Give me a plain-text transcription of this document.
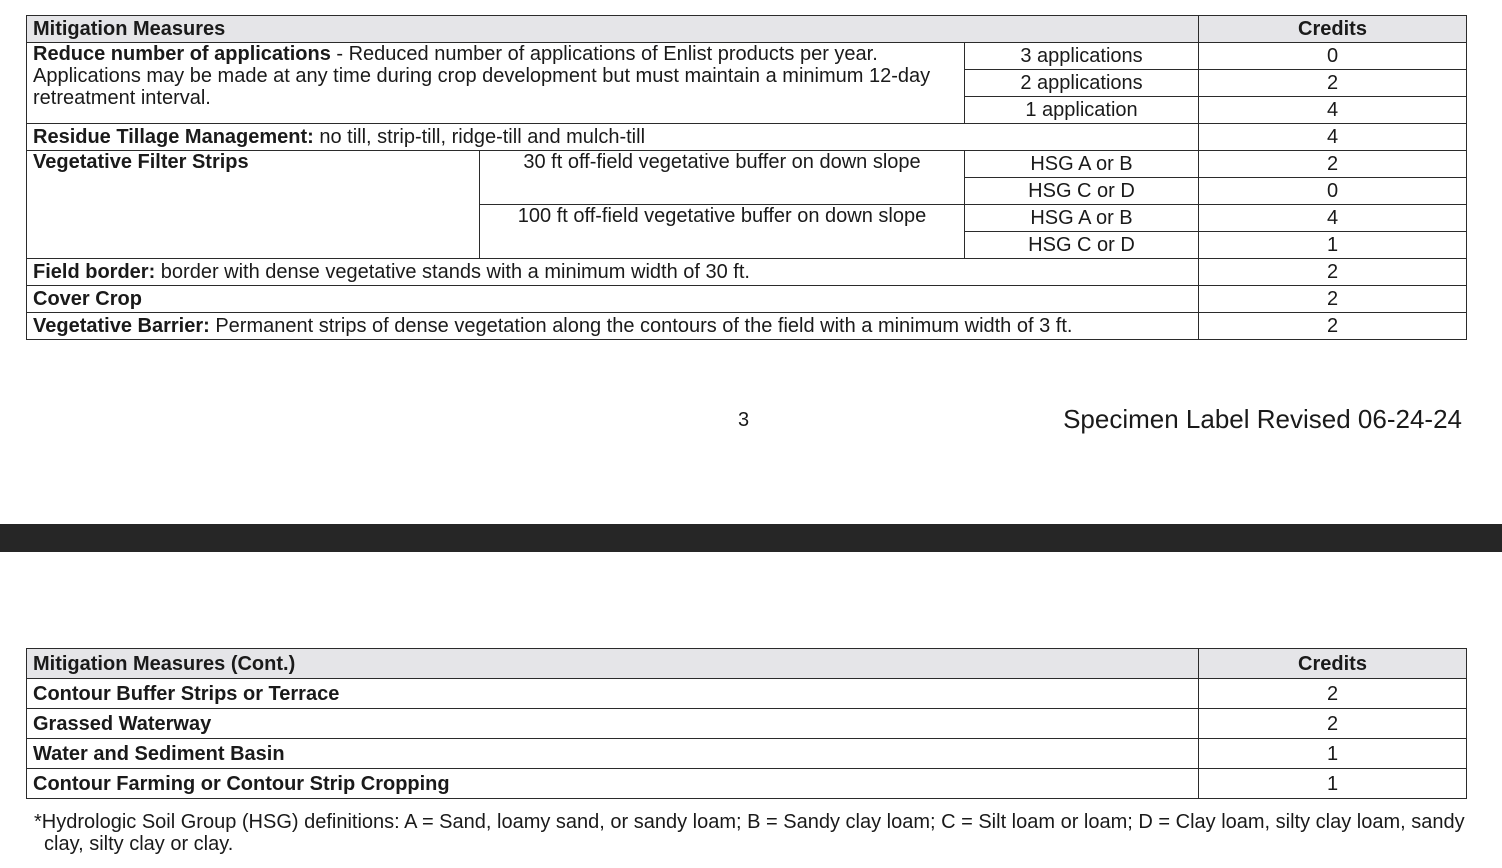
Mitigation Measures			Credits
Reduce number of applications - Reduced number of applications of Enlist products per year. Applications may be made at any time during crop development but must maintain a minimum 12-day retreatment interval.		3 applications	0
		2 applications	2
		1 application	4
Residue Tillage Management: no till, strip-till, ridge-till and mulch-till			4
Vegetative Filter Strips	30 ft off-field vegetative buffer on down slope	HSG A or B	2
		HSG C or D	0
	100 ft off-field vegetative buffer on down slope	HSG A or B	4
		HSG C or D	1
Field border: border with dense vegetative stands with a minimum width of 30 ft.			2
Cover Crop			2
Vegetative Barrier: Permanent strips of dense vegetation along the contours of the field with a minimum width of 3 ft.			2
3	Specimen Label Revised 06-24-24
Mitigation Measures (Cont.)	Credits
Contour Buffer Strips or Terrace	2
Grassed Waterway	2
Water and Sediment Basin	1
Contour Farming or Contour Strip Cropping	1
*Hydrologic Soil Group (HSG) definitions: A = Sand, loamy sand, or sandy loam; B = Sandy clay loam; C = Silt loam or loam; D = Clay loam, silty clay loam, sandy clay, silty clay or clay.
